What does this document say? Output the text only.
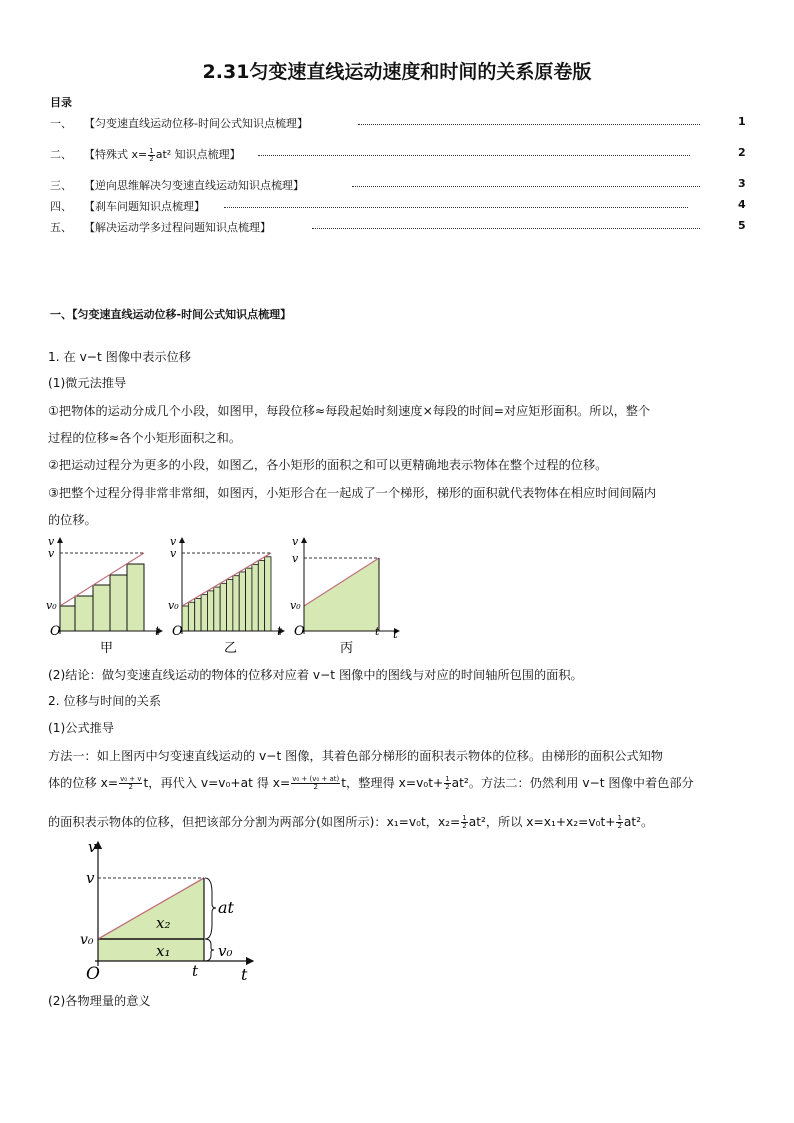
2.31匀变速直线运动速度和时间的关系原卷版
目录
一、 【匀变速直线运动位移-时间公式知识点梳理】	1
二、 【特殊式 $x= \frac{1}{2} at^2$ 知识点梳理】	2
三、 【逆向思维解决匀变速直线运动知识点梳理】	3
四、 【刹车问题知识点梳理】	4
五、 【解决运动学多过程问题知识点梳理】	5
一、【匀变速直线运动位移-时间公式知识点梳理】
1. 在 v−t 图像中表示位移
(1)微元法推导
①把物体的运动分成几个小段，如图甲，每段位移≈每段起始时刻速度×每段的时间=对应矩形面积。所以，整个
过程的位移≈各个小矩形面积之和。
②把运动过程分为更多的小段，如图乙，各小矩形的面积之和可以更精确地表示物体在整个过程的位移。
③把整个过程分得非常非常细，如图丙，小矩形合在一起成了一个梯形，梯形的面积就代表物体在相应时间间隔内
的位移。
v
v
v₀
O	t
甲
v
v
v₀
O	t
乙
v
v
v₀
O	t t
丙
(2)结论：做匀变速直线运动的物体的位移对应着 v−t 图像中的图线与对应的时间轴所包围的面积。
2. 位移与时间的关系
(1)公式推导
方法一：如上图丙中匀变速直线运动的 v−t 图像，其着色部分梯形的面积表示物体的位移。由梯形的面积公式知物
体的位移 $x= \frac{\text{v₀ + v}}{2}$ t，再代入 v=v₀+at 得 $x= \frac{\text{v₀ + (v₀ + at)}}{2}$ t，整理得 $x=v_0t+ \frac{1}{2} at^2$。方法二：仍然利用 v−t 图像中着色部分
的面积表示物体的位移，但把该部分分割为两部分(如图所示)：x₁=v₀t，$x_2= \frac{1}{2} at^2$，所以 $x=x_1+x_2=v_0t+ \frac{1}{2} at^2$。
v
v
v₀
O	t	t
x₂
x₁
at
v₀
(2)各物理量的意义
